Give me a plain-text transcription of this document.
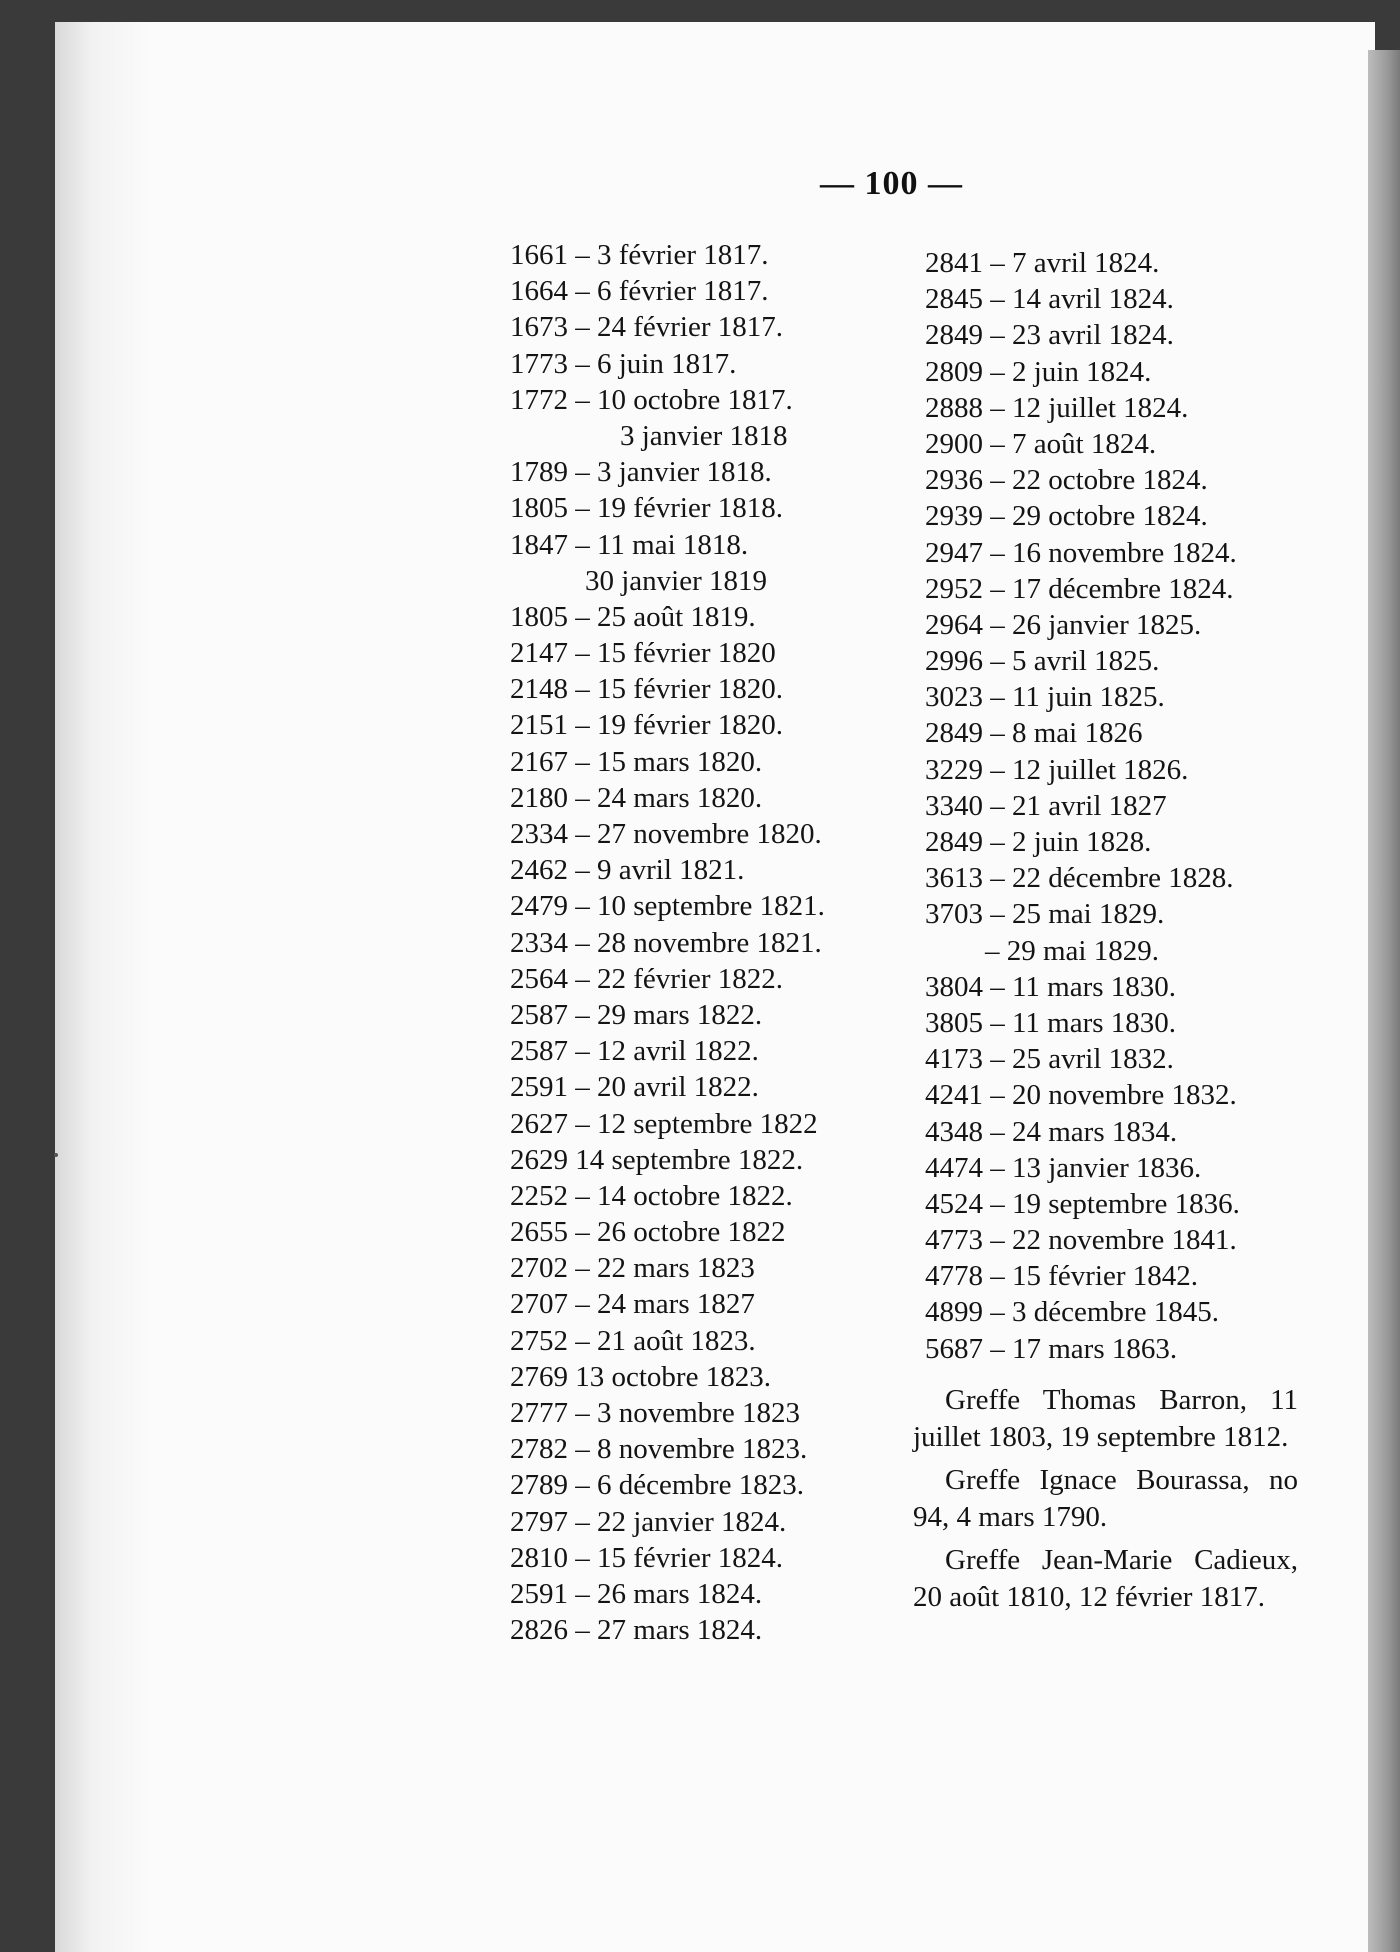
— 100 —
1661 – 3 février 1817.
1664 – 6 février 1817.
1673 – 24 février 1817.
1773 – 6 juin 1817.
1772 – 10 octobre 1817.
3 janvier 1818
1789 – 3 janvier 1818.
1805 – 19 février 1818.
1847 – 11 mai 1818.
30 janvier 1819
1805 – 25 août 1819.
2147 – 15 février 1820
2148 – 15 février 1820.
2151 – 19 février 1820.
2167 – 15 mars 1820.
2180 – 24 mars 1820.
2334 – 27 novembre 1820.
2462 – 9 avril 1821.
2479 – 10 septembre 1821.
2334 – 28 novembre 1821.
2564 – 22 février 1822.
2587 – 29 mars 1822.
2587 – 12 avril 1822.
2591 – 20 avril 1822.
2627 – 12 septembre 1822
2629 14 septembre 1822.
2252 – 14 octobre 1822.
2655 – 26 octobre 1822
2702 – 22 mars 1823
2707 – 24 mars 1827
2752 – 21 août 1823.
2769 13 octobre 1823.
2777 – 3 novembre 1823
2782 – 8 novembre 1823.
2789 – 6 décembre 1823.
2797 – 22 janvier 1824.
2810 – 15 février 1824.
2591 – 26 mars 1824.
2826 – 27 mars 1824.
2841 – 7 avril 1824.
2845 – 14 avril 1824.
2849 – 23 avril 1824.
2809 – 2 juin 1824.
2888 – 12 juillet 1824.
2900 – 7 août 1824.
2936 – 22 octobre 1824.
2939 – 29 octobre 1824.
2947 – 16 novembre 1824.
2952 – 17 décembre 1824.
2964 – 26 janvier 1825.
2996 – 5 avril 1825.
3023 – 11 juin 1825.
2849 – 8 mai 1826
3229 – 12 juillet 1826.
3340 – 21 avril 1827
2849 – 2 juin 1828.
3613 – 22 décembre 1828.
3703 – 25 mai 1829.
– 29 mai 1829.
3804 – 11 mars 1830.
3805 – 11 mars 1830.
4173 – 25 avril 1832.
4241 – 20 novembre 1832.
4348 – 24 mars 1834.
4474 – 13 janvier 1836.
4524 – 19 septembre 1836.
4773 – 22 novembre 1841.
4778 – 15 février 1842.
4899 – 3 décembre 1845.
5687 – 17 mars 1863.

Greffe Thomas Barron, 11 juillet 1803, 19 septembre 1812.

Greffe Ignace Bourassa, no 94, 4 mars 1790.

Greffe Jean-Marie Cadieux, 20 août 1810, 12 février 1817.
